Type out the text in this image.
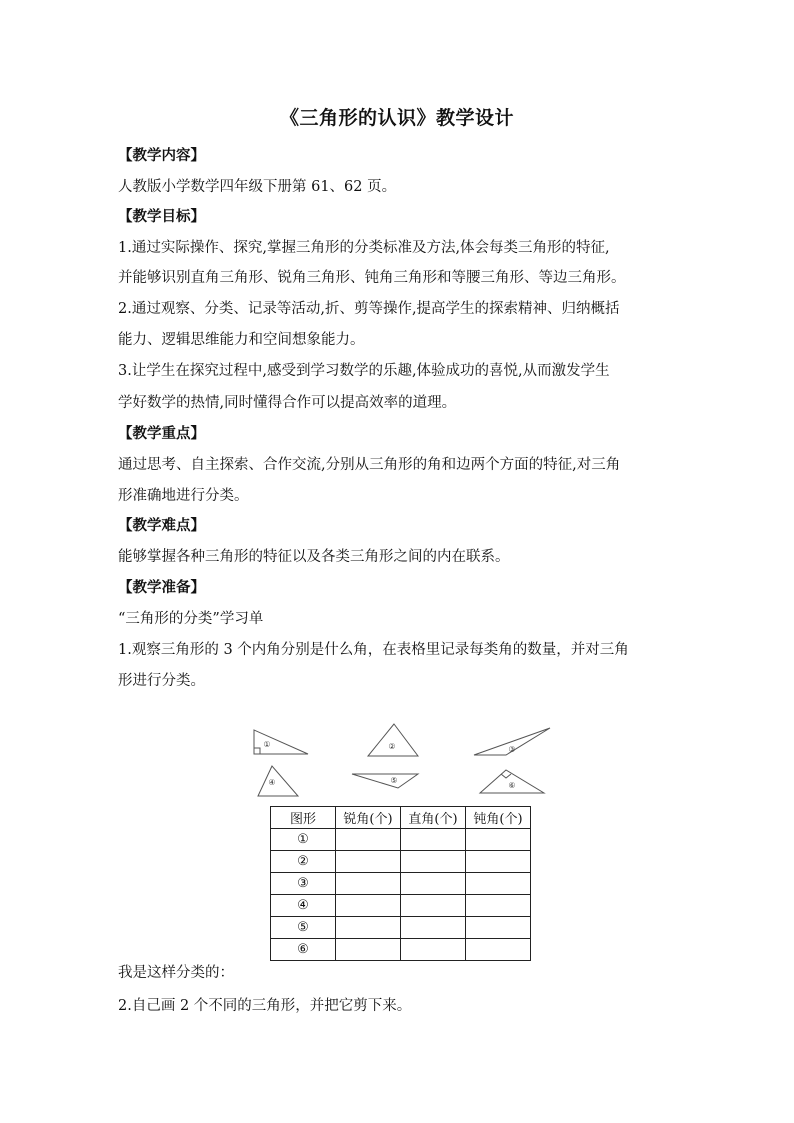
《三角形的认识》教学设计
【教学内容】
人教版小学数学四年级下册第 61、62 页。
【教学目标】
1.通过实际操作、探究,掌握三角形的分类标准及方法,体会每类三角形的特征,
并能够识别直角三角形、锐角三角形、钝角三角形和等腰三角形、等边三角形。
2.通过观察、分类、记录等活动,折、剪等操作,提高学生的探索精神、归纳概括
能力、逻辑思维能力和空间想象能力。
3.让学生在探究过程中,感受到学习数学的乐趣,体验成功的喜悦,从而激发学生
学好数学的热情,同时懂得合作可以提高效率的道理。
【教学重点】
通过思考、自主探索、合作交流,分别从三角形的角和边两个方面的特征,对三角
形准确地进行分类。
【教学难点】
能够掌握各种三角形的特征以及各类三角形之间的内在联系。
【教学准备】
“三角形的分类”学习单
1.观察三角形的 3 个内角分别是什么角，在表格里记录每类角的数量，并对三角
形进行分类。
①	②	③
④	⑤
⑥
图形	锐角(个)	直角(个)	钝角(个)
①			
②			
③			
④			
⑤			
⑥			
我是这样分类的：
2.自己画 2 个不同的三角形，并把它剪下来。
